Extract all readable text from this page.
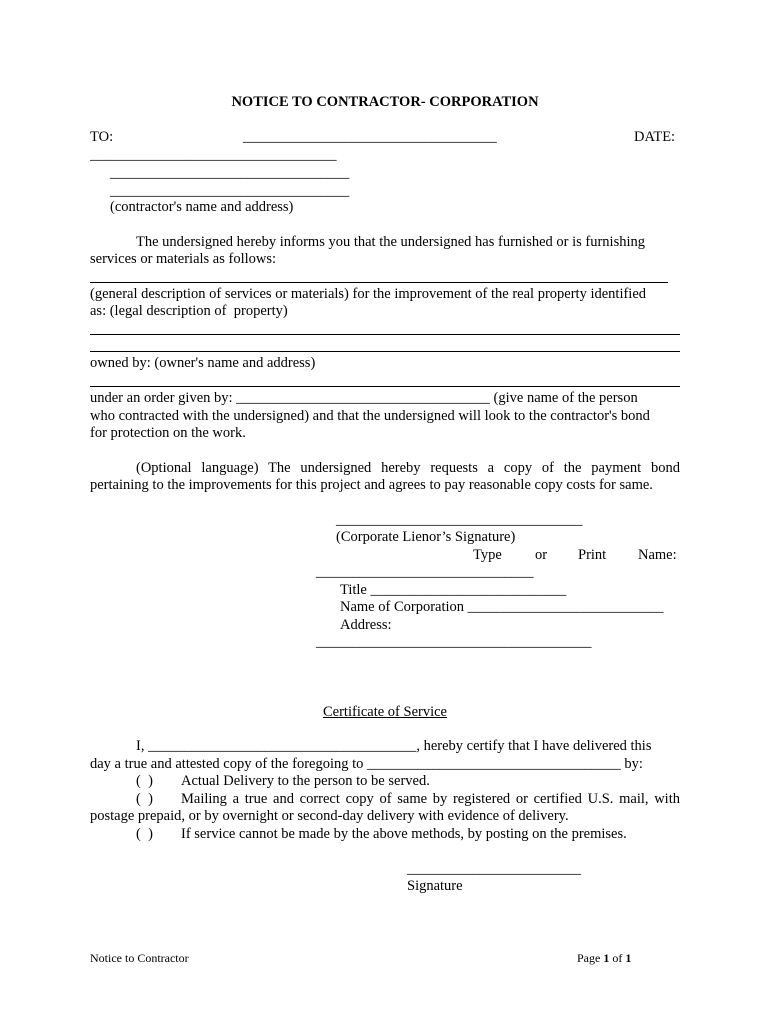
NOTICE TO CONTRACTOR- CORPORATION
TO:	___________________________________	DATE:
__________________________________
_________________________________
_________________________________
(contractor's name and address)
The undersigned hereby informs you that the undersigned has furnished or is furnishing
services or materials as follows:
(general description of services or materials) for the improvement of the real property identified
as: (legal description of  property)
owned by: (owner's name and address)
under an order given by: ___________________________________ (give name of the person
who contracted with the undersigned) and that the undersigned will look to the contractor's bond
for protection on the work.
(Optional language) The undersigned hereby requests a copy of the payment bond
pertaining to the improvements for this project and agrees to pay reasonable copy costs for same.
__________________________________
(Corporate Lienor’s Signature)
Type or Print Name:
______________________________
Title ___________________________
Name of Corporation ___________________________
Address:
______________________________________
Certificate of Service
I, _____________________________________, hereby certify that I have delivered this
day a true and attested copy of the foregoing to ___________________________________ by:
(  ) Actual Delivery to the person to be served.
(  ) Mailing a true and correct copy of same by registered or certified U.S. mail, with
postage prepaid, or by overnight or second-day delivery with evidence of delivery.
(  ) If service cannot be made by the above methods, by posting on the premises.
________________________
Signature
Notice to Contractor	Page 1 of 1
